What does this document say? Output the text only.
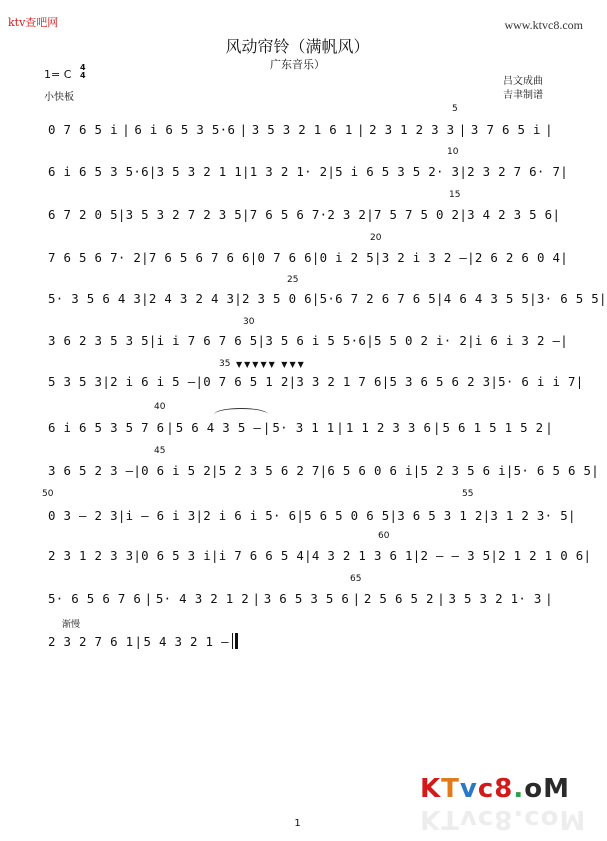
ktv查吧网	www.ktvc8.com
风动帘铃（满帆风）
广东音乐）
1= C
4
4
小快板
吕文成曲
吉聿制谱
5
10
15
20
25
30
35
40
45
50	55
60
65
0 7 6 5 i | 6 i 6 5 3 5·6 | 3 5 3 2 1 6 1 | 2 3 1 2 3 3 | 3 7 6 5 i |
6 i 6 5 3 5·6 | 3 5 3 2 1 1 | 1 3 2 1· 2 | 5 i 6 5 3 5 2· 3 | 2 3 2 7 6· 7 |
6 7 2 0 5 | 3 5 3 2 7 2 3 5 | 7 6 5 6 7·2 3 2 | 7 5 7 5 0 2 | 3 4 2 3 5 6 |
7 6 5 6 7· 2 | 7 6 5 6 7 6 6 | 0 7 6 6 | 0 i 2 5 | 3 2 i 3 2 — | 2 6 2 6 0 4 |
5· 3 5 6 4 3 | 2 4 3 2 4 3 | 2 3 5 0 6 | 5·6 7 2 6 7 6 5 | 4 6 4 3 5 5 | 3· 6 5 5 |
3 6 2 3 5 3 5 | i i 7 6 7 6 5 | 3 5 6 i 5 5·6 | 5 5 0 2 i· 2 | i 6 i 3 2 — |
5 3 5 3 | 2 i 6 i 5 — | 0 7 6 5 1 2 | 3 3 2 1 7 6 | 5 3 6 5 6 2 3 | 5· 6 i i 7 |
6 i 6 5 3 5 7 6 | 5 6 4 3 5 — | 5· 3 1 1 | 1 1 2 3 3 6 | 5 6 1 5 1 5 2 |
3 6 5 2 3 — | 0 6 i 5 2 | 5 2 3 5 6 2 7 | 6 5 6 0 6 i | 5 2 3 5 6 i | 5· 6 5 6 5 |
0 3 — 2 3 | i — 6 i 3 | 2 i 6 i 5· 6 | 5 6 5 0 6 5 | 3 6 5 3 1 2 | 3 1 2 3· 5 |
2 3 1 2 3 3 | 0 6 5 3 i | i 7 6 6 5 4 | 4 3 2 1 3 6 1 | 2 — — 3 5 | 2 1 2 1 0 6 |
5· 6 5 6 7 6 | 5· 4 3 2 1 2 | 3 6 5 3 5 6 | 2 5 6 5 2 | 3 5 3 2 1· 3 |
2 3 2 7 6 1 | 5 4 3 2 1 —
▼▼▼▼▼ ▼▼▼
渐慢
KTvc8.oM
KTvc8.coM
1
